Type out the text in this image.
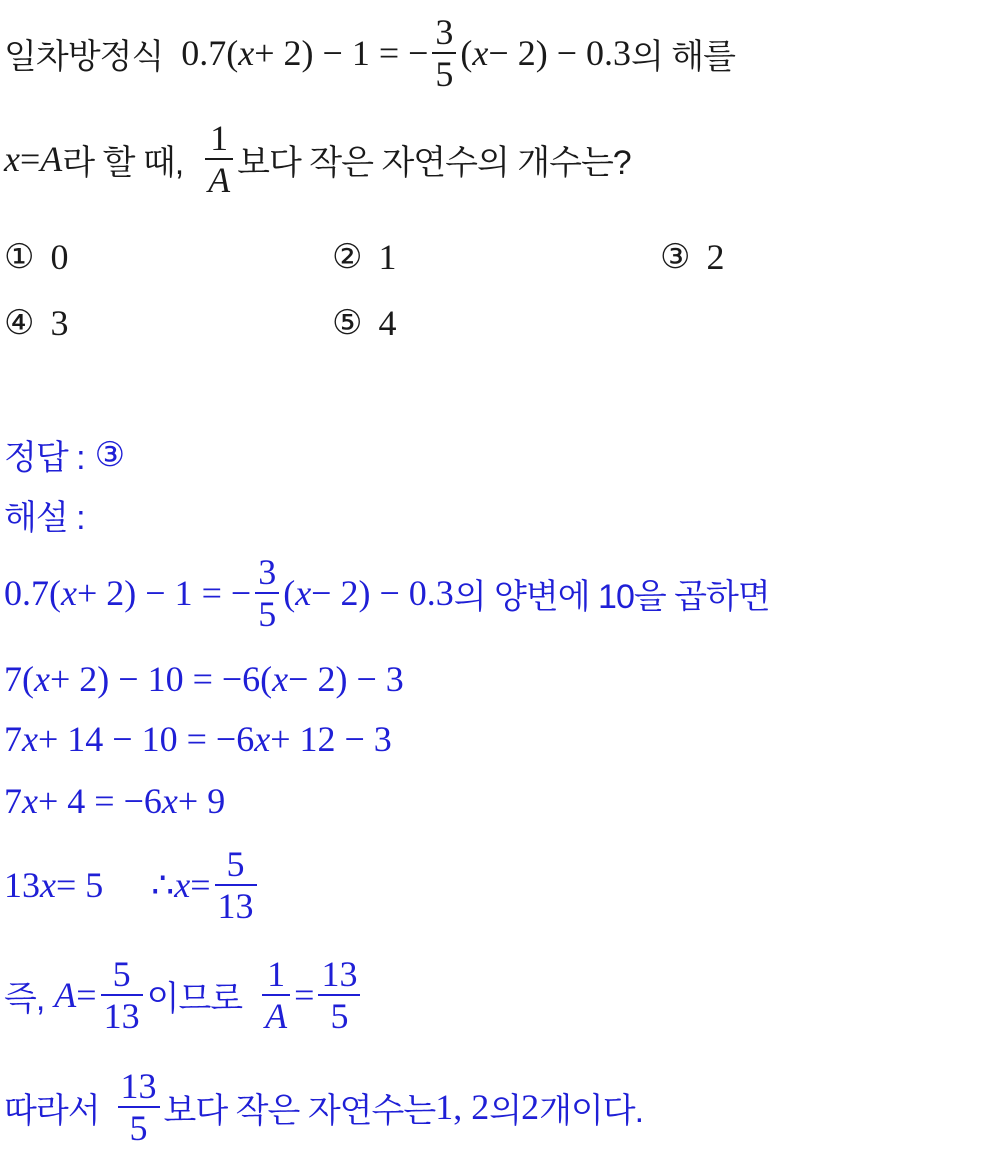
일차방정식 0.7( x + 2) − 1 = − $\frac{3}{5}$ ( x − 2) − 0.3 의 해를
x = A 라 할 때, $\frac{1}{A}$ 보다 작은 자연수의 개수는?
① 0	② 1	③ 2
④ 3	⑤ 4
정답 : ③
해설 :
0.7( x + 2) − 1 = − $\frac{3}{5}$ ( x − 2) − 0.3 의 양변에 10을 곱하면
7( x + 2) − 10 = −6( x − 2) − 3
7 x + 14 − 10 = −6 x + 12 − 3
7 x + 4 = −6 x + 9
13 x = 5 ∴ $x = \frac{5}{13}$
즉, $A = \frac{5}{13}$ 이므로 $\frac{1}{A} = \frac{13}{5}$
따라서 $\frac{13}{5}$ 보다 작은 자연수는 1, 2 의 2 개이다.
